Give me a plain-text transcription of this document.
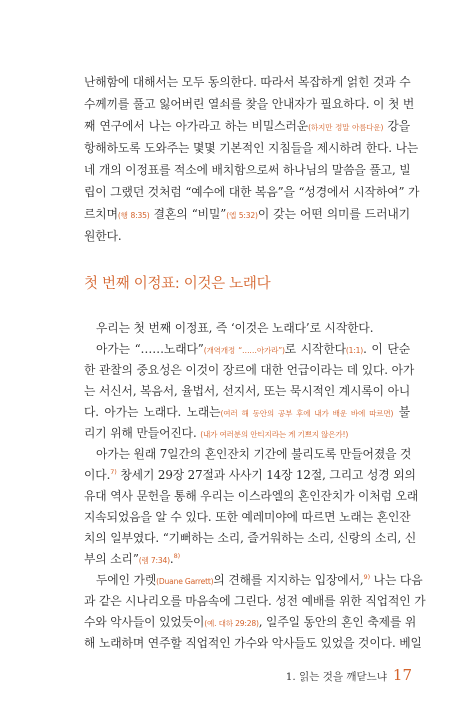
난해함에 대해서는 모두 동의한다. 따라서 복잡하게 얽힌 것과 수
수께끼를 풀고 잃어버린 열쇠를 찾을 안내자가 필요하다. 이 첫 번
째 연구에서 나는 아가라고 하는 비밀스러운(하지만 정말 아름다운) 강을
항해하도록 도와주는 몇몇 기본적인 지침들을 제시하려 한다. 나는
네 개의 이정표를 적소에 배치함으로써 하나님의 말씀을 풀고, 빌
립이 그랬던 것처럼 “예수에 대한 복음”을 “성경에서 시작하여” 가
르치며(행 8:35) 결혼의 “비밀”(엡 5:32)이 갖는 어떤 의미를 드러내기
원한다.
첫 번째 이정표: 이것은 노래다
우리는 첫 번째 이정표, 즉 ‘이것은 노래다’로 시작한다.
아가는 “……노래다”(개역개정 “……아가라”)로 시작한다(1:1). 이 단순
한 관찰의 중요성은 이것이 장르에 대한 언급이라는 데 있다. 아가
는 서신서, 복음서, 율법서, 선지서, 또는 묵시적인 계시록이 아니
다. 아가는 노래다. 노래는(여러 해 동안의 공부 후에 내가 배운 바에 따르면) 불
리기 위해 만들어진다. (내가 여러분의 안티지라는 게 기쁘지 않은가!)
아가는 원래 7일간의 혼인잔치 기간에 불리도록 만들어졌을 것
이다.$^{7)}$ 창세기 29장 27절과 사사기 14장 12절, 그리고 성경 외의
유대 역사 문헌을 통해 우리는 이스라엘의 혼인잔치가 이처럼 오래
지속되었음을 알 수 있다. 또한 예레미야에 따르면 노래는 혼인잔
치의 일부였다. “기뻐하는 소리, 즐거워하는 소리, 신랑의 소리, 신
부의 소리”(렘 7:34).$^{8)}$
두에인 가렛(Duane Garrett)의 견해를 지지하는 입장에서,$^{9)}$ 나는 다음
과 같은 시나리오를 마음속에 그린다. 성전 예배를 위한 직업적인 가
수와 악사들이 있었듯이(예. 대하 29:28), 일주일 동안의 혼인 축제를 위
해 노래하며 연주할 직업적인 가수와 악사들도 있었을 것이다. 베일
1. 읽는 것을 깨닫느냐 17
